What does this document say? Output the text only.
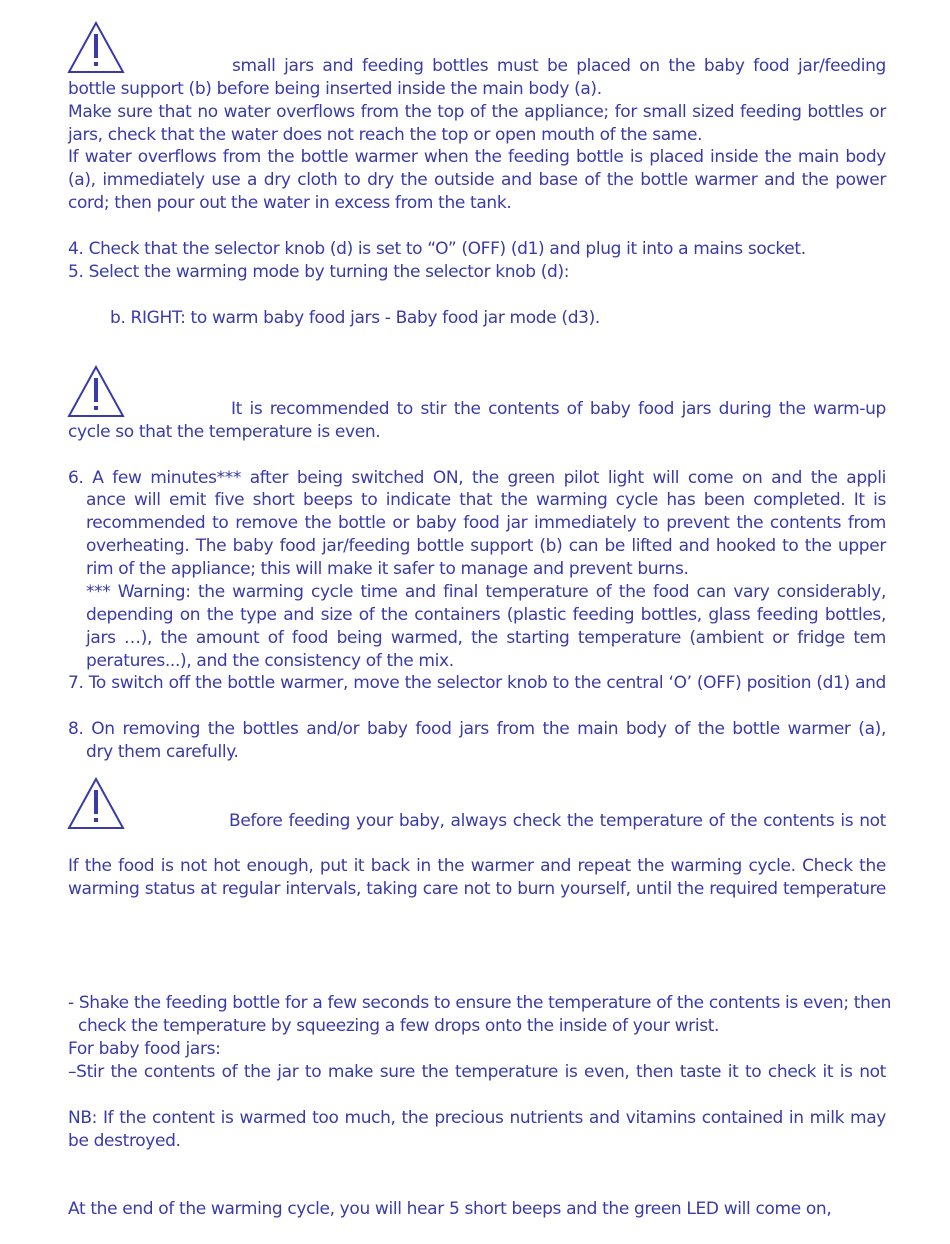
small jars and feeding bottles must be placed on the baby food jar/feeding
bottle support (b) before being inserted inside the main body (a).
Make sure that no water overflows from the top of the appliance; for small sized feeding bottles or
jars, check that the water does not reach the top or open mouth of the same.
If water overflows from the bottle warmer when the feeding bottle is placed inside the main body
(a), immediately use a dry cloth to dry the outside and base of the bottle warmer and the power
cord; then pour out the water in excess from the tank.
4. Check that the selector knob (d) is set to “O” (OFF) (d1) and plug it into a mains socket.
5. Select the warming mode by turning the selector knob (d):
b. RIGHT: to warm baby food jars - Baby food jar mode (d3).
It is recommended to stir the contents of baby food jars during the warm-up
cycle so that the temperature is even.
6. A few minutes*** after being switched ON, the green pilot light will come on and the appli
ance will emit five short beeps to indicate that the warming cycle has been completed. It is
recommended to remove the bottle or baby food jar immediately to prevent the contents from
overheating. The baby food jar/feeding bottle support (b) can be lifted and hooked to the upper
rim of the appliance; this will make it safer to manage and prevent burns.
*** Warning: the warming cycle time and final temperature of the food can vary considerably,
depending on the type and size of the containers (plastic feeding bottles, glass feeding bottles,
jars …), the amount of food being warmed, the starting temperature (ambient or fridge tem
peratures...), and the consistency of the mix.
7. To switch off the bottle warmer, move the selector knob to the central ‘O’ (OFF) position (d1) and
8. On removing the bottles and/or baby food jars from the main body of the bottle warmer (a),
dry them carefully.
Before feeding your baby, always check the temperature of the contents is not
If the food is not hot enough, put it back in the warmer and repeat the warming cycle. Check the
warming status at regular intervals, taking care not to burn yourself, until the required temperature
- Shake the feeding bottle for a few seconds to ensure the temperature of the contents is even; then
check the temperature by squeezing a few drops onto the inside of your wrist.
For baby food jars:
–Stir the contents of the jar to make sure the temperature is even, then taste it to check it is not
NB: If the content is warmed too much, the precious nutrients and vitamins contained in milk may
be destroyed.
At the end of the warming cycle, you will hear 5 short beeps and the green LED will come on,
